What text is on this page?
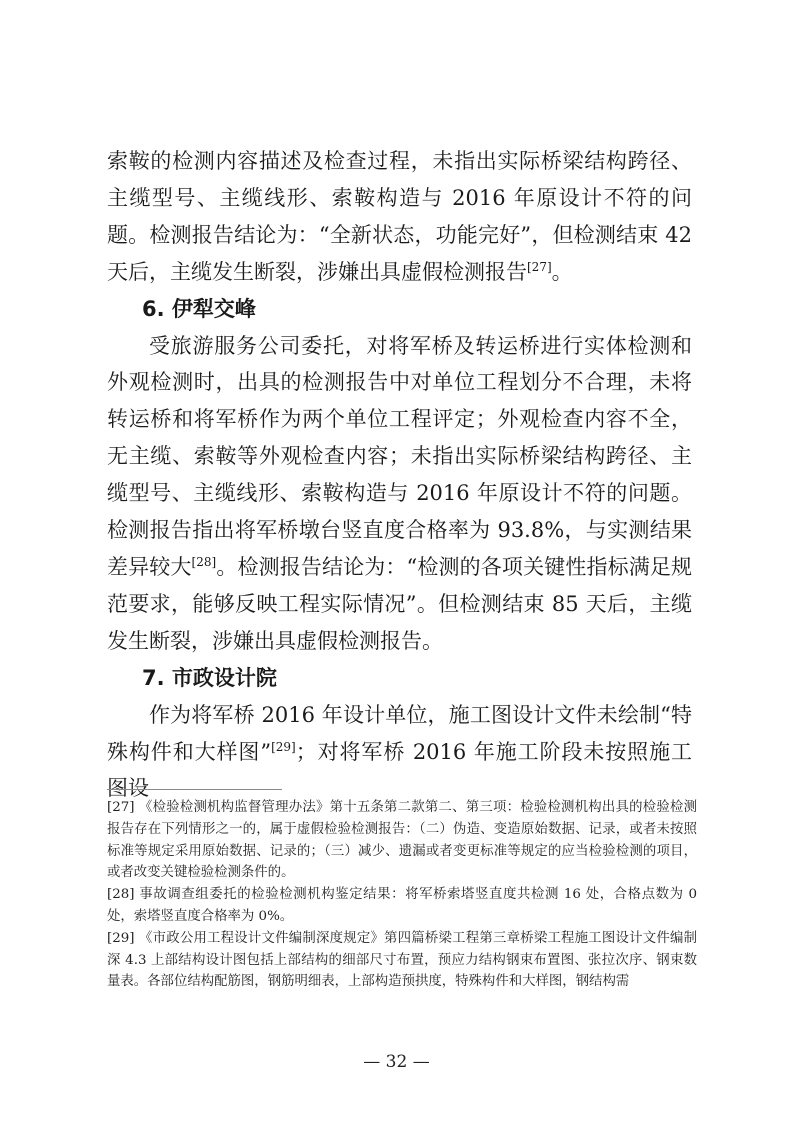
索鞍的检测内容描述及检查过程，未指出实际桥梁结构跨径、主缆型号、主缆线形、索鞍构造与 2016 年原设计不符的问题。检测报告结论为：“全新状态，功能完好”，但检测结束 42 天后，主缆发生断裂，涉嫌出具虚假检测报告[27]。

6. 伊犁交峰

受旅游服务公司委托，对将军桥及转运桥进行实体检测和外观检测时，出具的检测报告中对单位工程划分不合理，未将转运桥和将军桥作为两个单位工程评定；外观检查内容不全，无主缆、索鞍等外观检查内容；未指出实际桥梁结构跨径、主缆型号、主缆线形、索鞍构造与 2016 年原设计不符的问题。检测报告指出将军桥墩台竖直度合格率为 93.8%，与实测结果差异较大[28]。检测报告结论为：“检测的各项关键性指标满足规范要求，能够反映工程实际情况”。但检测结束 85 天后，主缆发生断裂，涉嫌出具虚假检测报告。

7. 市政设计院

作为将军桥 2016 年设计单位，施工图设计文件未绘制“特殊构件和大样图”[29]；对将军桥 2016 年施工阶段未按照施工图设

[27] 《检验检测机构监督管理办法》第十五条第二款第二、第三项：检验检测机构出具的检验检测报告存在下列情形之一的，属于虚假检验检测报告：（二）伪造、变造原始数据、记录，或者未按照标准等规定采用原始数据、记录的；（三）减少、遗漏或者变更标准等规定的应当检验检测的项目，或者改变关键检验检测条件的。

[28] 事故调查组委托的检验检测机构鉴定结果：将军桥索塔竖直度共检测 16 处，合格点数为 0 处，索塔竖直度合格率为 0%。

[29] 《市政公用工程设计文件编制深度规定》第四篇桥梁工程第三章桥梁工程施工图设计文件编制深 4.3 上部结构设计图包括上部结构的细部尺寸布置，预应力结构钢束布置图、张拉次序、钢束数量表。各部位结构配筋图，钢筋明细表，上部构造预拱度，特殊构件和大样图，钢结构需

— 32 —
